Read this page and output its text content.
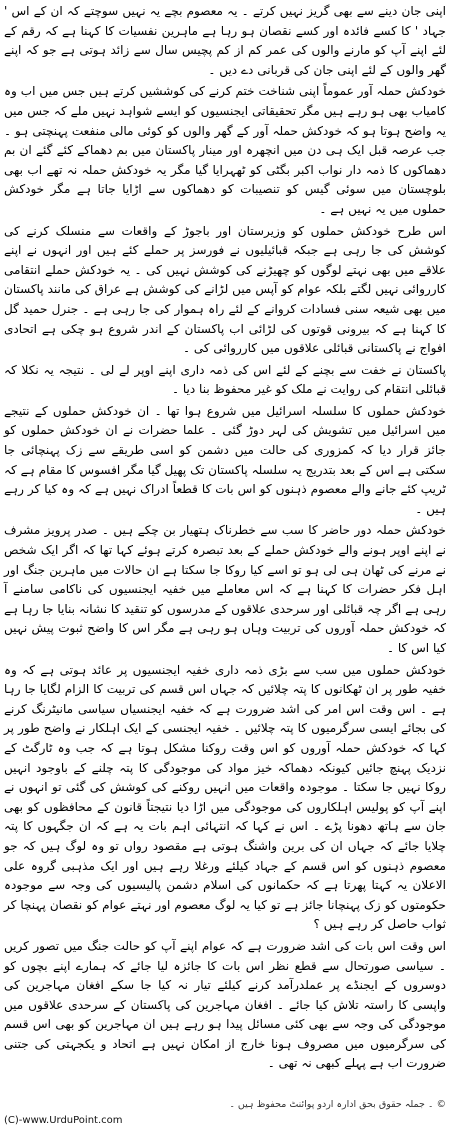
اپنی جان دینے سے بھی گریز نہیں کرتے ۔ یہ معصوم بچے یہ نہیں سوچتے کہ ان کے اس ' جہاد ' کا کسے فائدہ اور کسے نقصان ہو رہا ہے ماہرین نفسیات کا کہنا ہے کہ رقم کے لئے اپنے آپ کو مارنے والوں کی عمر کم از کم پچیس سال سے زائد ہوتی ہے جو کہ اپنے گھر والوں کے لئے اپنی جان کی قربانی دے دیں ۔

خودکش حملہ آور عموماً اپنی شناخت ختم کرنے کی کوششیں کرتے ہیں جس میں اب وہ کامیاب بھی ہو رہے ہیں مگر تحقیقاتی ایجنسیوں کو ایسے شواہد نہیں ملے کہ جس میں یہ واضح ہوتا ہو کہ خودکش حملہ آور کے گھر والوں کو کوئی مالی منفعت پہنچتی ہو ۔ جب عرصہ قبل ایک ہی دن میں انچھرہ اور مینار پاکستان میں بم دھماکے کئے گئے ان بم دھماکوں کا ذمہ دار نواب اکبر بگٹی کو ٹھہرایا گیا مگر یہ خودکش حملہ نہ تھے اب بھی بلوچستان میں سوئی گیس کو تنصیبات کو دھماکوں سے اڑایا جاتا ہے مگر خودکش حملوں میں یہ نہیں ہے ۔

اس طرح خودکش حملوں کو وزیرستان اور باجوڑ کے واقعات سے منسلک کرنے کی کوشش کی جا رہی ہے جبکہ قبائیلیوں نے فورسز پر حملے کئے ہیں اور انہوں نے اپنے علاقے میں بھی نہتے لوگوں کو چھیڑنے کی کوشش نہیں کی ۔ یہ خودکش حملے انتقامی کارروائی نہیں لگتے بلکہ عوام کو آپس میں لڑانے کی کوشش ہے عراق کی مانند پاکستان میں بھی شیعہ سنی فسادات کروانے کے لئے راہ ہموار کی جا رہی ہے ۔ جنرل حمید گل کا کہنا ہے کہ بیرونی قوتوں کی لڑائی اب پاکستان کے اندر شروع ہو چکی ہے اتحادی افواج نے پاکستانی قبائلی علاقوں میں کارروائی کی ۔

پاکستان نے خفت سے بچنے کے لئے اس کی ذمہ داری اپنے اوپر لے لی ۔ نتیجہ یہ نکلا کہ قبائلی انتقام کی روایت نے ملک کو غیر محفوظ بنا دیا ۔

خودکش حملوں کا سلسلہ اسرائیل میں شروع ہوا تھا ۔ ان خودکش حملوں کے نتیجے میں اسرائیل میں تشویش کی لہر دوڑ گئی ۔ علما حضرات نے ان خودکش حملوں کو جائز قرار دیا کہ کمزوری کی حالت میں دشمن کو اسی طریقے سے زک پہنچائی جا سکتی ہے اس کے بعد بتدریج یہ سلسلہ پاکستان تک پھیل گیا مگر افسوس کا مقام ہے کہ ٹریپ کئے جانے والے معصوم ذہنوں کو اس بات کا قطعاً ادراک نہیں ہے کہ وہ کیا کر رہے ہیں ۔

خودکش حملہ دور حاضر کا سب سے خطرناک ہتھیار بن چکے ہیں ۔ صدر پرویز مشرف نے اپنے اوپر ہونے والے خودکش حملے کے بعد تبصرہ کرتے ہوئے کہا تھا کہ اگر ایک شخص نے مرنے کی ٹھان ہی لی ہو تو اسے کیا روکا جا سکتا ہے ان حالات میں ماہرین جنگ اور اہل فکر حضرات کا کہنا ہے کہ اس معاملے میں خفیہ ایجنسیوں کی ناکامی سامنے آ رہی ہے اگر چہ قبائلی اور سرحدی علاقوں کے مدرسوں کو تنقید کا نشانہ بنایا جا رہا ہے کہ خودکش حملہ آوروں کی تربیت وہاں ہو رہی ہے مگر اس کا واضح ثبوت پیش نہیں کیا اس کا ۔

خودکش حملوں میں سب سے بڑی ذمہ داری خفیہ ایجنسیوں پر عائد ہوتی ہے کہ وہ خفیہ طور پر ان ٹھکانوں کا پتہ چلائیں کہ جہاں اس قسم کی تربیت کا الزام لگایا جا رہا ہے ۔ اس وقت اس امر کی اشد ضرورت ہے کہ خفیہ ایجنسیاں سیاسی مانیٹرنگ کرنے کی بجائے ایسی سرگرمیوں کا پتہ چلائیں ۔ خفیہ ایجنسی کے ایک اہلکار نے واضح طور پر کہا کہ خودکش حملہ آوروں کو اس وقت روکنا مشکل ہوتا ہے کہ جب وہ ٹارگٹ کے نزدیک پہنچ جائیں کیونکہ دھماکہ خیز مواد کی موجودگی کا پتہ چلنے کے باوجود انہیں روکا نہیں جا سکتا ۔ موجودہ واقعات میں انہیں روکنے کی کوشش کی گئی تو انہوں نے اپنے آپ کو پولیس اہلکاروں کی موجودگی میں اڑا دیا نتیجتاً قانون کے محافظوں کو بھی جان سے ہاتھ دھونا پڑے ۔ اس نے کہا کہ انتہائی اہم بات یہ ہے کہ ان جگہوں کا پتہ چلایا جائے کہ جہاں ان کی برین واشنگ ہوتی ہے مقصود رواں تو وہ لوگ ہیں کہ جو معصوم ذہنوں کو اس قسم کے جہاد کیلئے ورغلا رہے ہیں اور ایک مذہبی گروہ علی الاعلان یہ کہتا پھرتا ہے کہ حکمانوں کی اسلام دشمن پالیسیوں کی وجہ سے موجودہ حکومتوں کو زک پہنچانا جائز ہے تو کیا یہ لوگ معصوم اور نہتے عوام کو نقصان پہنچا کر ثواب حاصل کر رہے ہیں ؟

اس وقت اس بات کی اشد ضرورت ہے کہ عوام اپنے آپ کو حالت جنگ میں تصور کریں ۔ سیاسی صورتحال سے قطع نظر اس بات کا جائزہ لیا جائے کہ ہمارے اپنے بچوں کو دوسروں کے ایجنڈے پر عملدرآمد کرنے کیلئے تیار نہ کیا جا سکے افغان مہاجرین کی واپسی کا راستہ تلاش کیا جائے ۔ افغان مہاجرین کی پاکستان کے سرحدی علاقوں میں موجودگی کی وجہ سے بھی کئی مسائل پیدا ہو رہے ہیں ان مہاجرین کو بھی اس قسم کی سرگرمیوں میں مصروف ہونا خارج از امکان نہیں ہے اتحاد و یکجہتی کی جتنی ضرورت اب ہے پہلے کبھی نہ تھی ۔

© ۔ جملہ حقوق بحق ادارہ اردو پوائنٹ محفوظ ہیں ۔
(C)-www.UrduPoint.com
